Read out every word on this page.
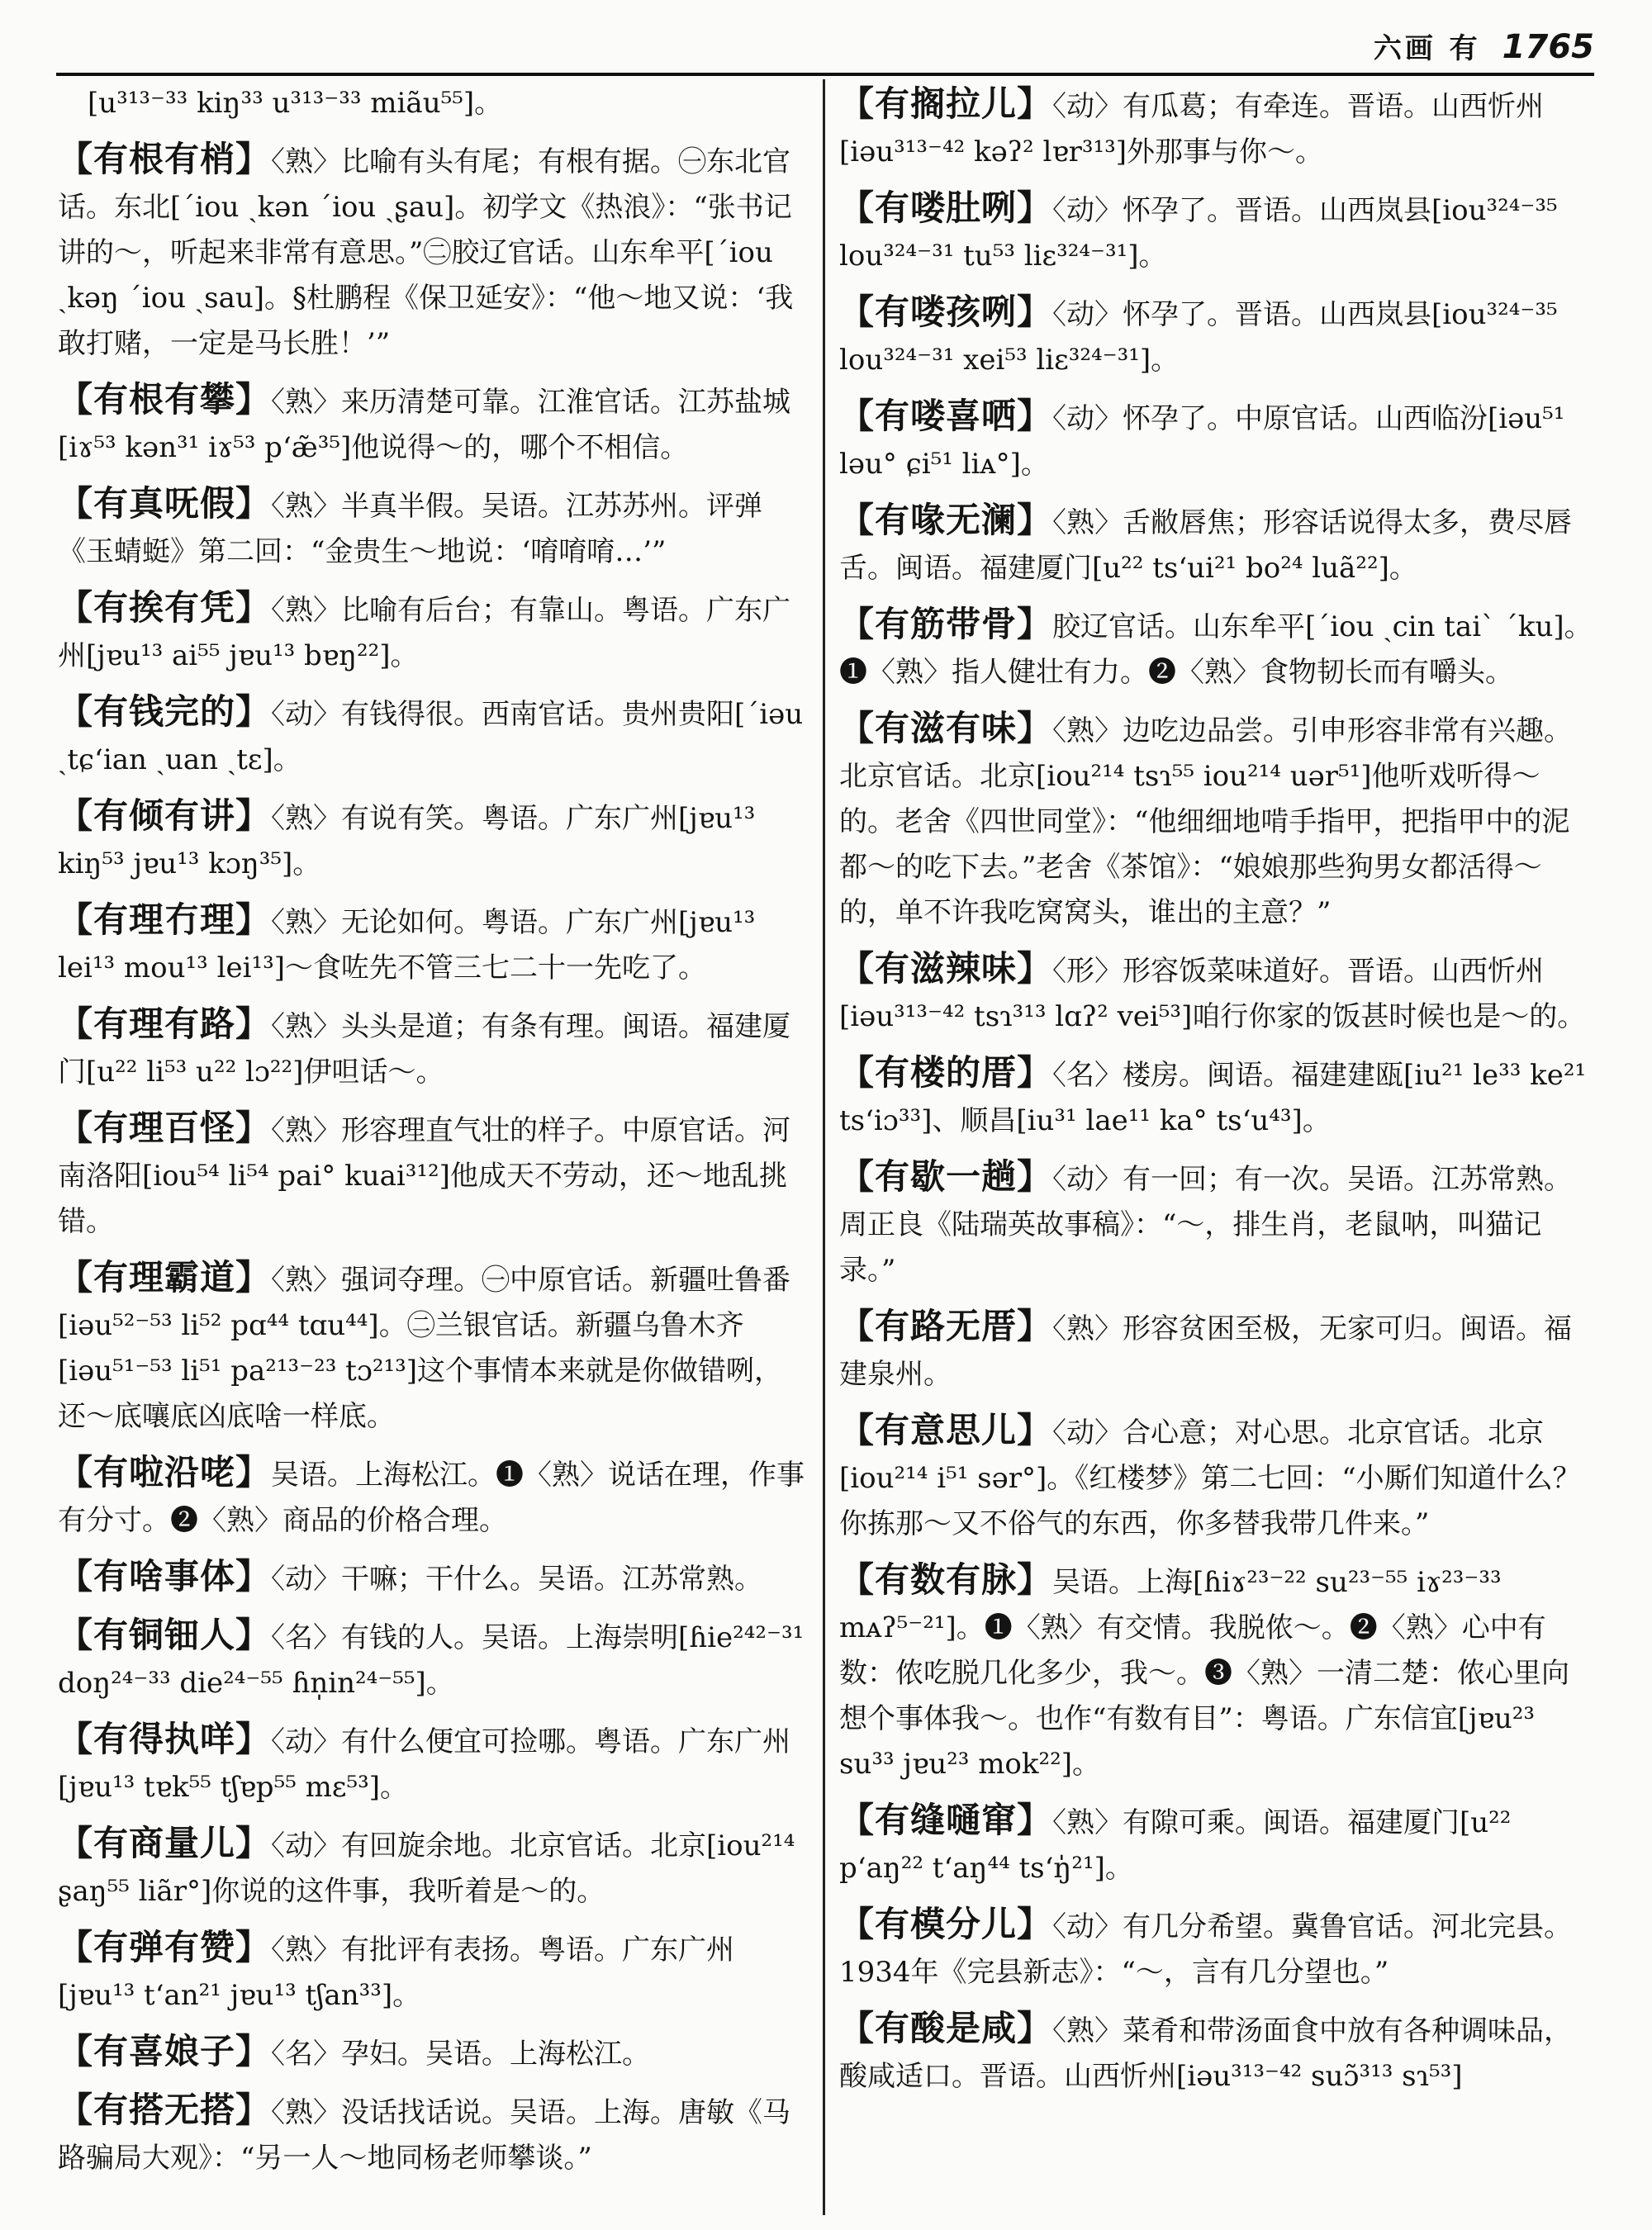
六画 有 1765
[u³¹³⁻³³ kiŋ³³ u³¹³⁻³³ miãu⁵⁵]。
【有根有梢】〈熟〉比喻有头有尾；有根有据。㊀东北官话。东北[ˊiou ˏkən ˊiou ˏʂau]。初学文《热浪》：“张书记讲的～，听起来非常有意思。”㊁胶辽官话。山东牟平[ˊiou ˏkəŋ ˊiou ˏsau]。§杜鹏程《保卫延安》：“他～地又说：‘我敢打赌，一定是马长胜！’”
【有根有攀】〈熟〉来历清楚可靠。江淮官话。江苏盐城[iɤ⁵³ kən³¹ iɤ⁵³ p‘æ̃³⁵]他说得～的，哪个不相信。
【有真呒假】〈熟〉半真半假。吴语。江苏苏州。评弹《玉蜻蜓》第二回：“金贵生～地说：‘唷唷唷…’”
【有挨有凭】〈熟〉比喻有后台；有靠山。粤语。广东广州[jɐu¹³ ai⁵⁵ jɐu¹³ bɐŋ²²]。
【有钱完的】〈动〉有钱得很。西南官话。贵州贵阳[ˊiəu ˏtɕ‘ian ˏuan ˏtɛ]。
【有倾有讲】〈熟〉有说有笑。粤语。广东广州[jɐu¹³ kiŋ⁵³ jɐu¹³ kɔŋ³⁵]。
【有理冇理】〈熟〉无论如何。粤语。广东广州[jɐu¹³ lei¹³ mou¹³ lei¹³]～食咗先不管三七二十一先吃了。
【有理有路】〈熟〉头头是道；有条有理。闽语。福建厦门[u²² li⁵³ u²² lɔ²²]伊呾话～。
【有理百怪】〈熟〉形容理直气壮的样子。中原官话。河南洛阳[iou⁵⁴ li⁵⁴ pai° kuai³¹²]他成天不劳动，还～地乱挑错。
【有理霸道】〈熟〉强词夺理。㊀中原官话。新疆吐鲁番[iəu⁵²⁻⁵³ li⁵² pɑ⁴⁴ tɑu⁴⁴]。㊁兰银官话。新疆乌鲁木齐[iəu⁵¹⁻⁵³ li⁵¹ pa²¹³⁻²³ tɔ²¹³]这个事情本来就是你做错咧，还～底嚷底凶底啥一样底。
【有啦沿咾】吴语。上海松江。❶〈熟〉说话在理，作事有分寸。❷〈熟〉商品的价格合理。
【有啥事体】〈动〉干嘛；干什么。吴语。江苏常熟。
【有铜钿人】〈名〉有钱的人。吴语。上海崇明[ɦie²⁴²⁻³¹ doŋ²⁴⁻³³ die²⁴⁻⁵⁵ ɦn̩in²⁴⁻⁵⁵]。
【有得执咩】〈动〉有什么便宜可捡哪。粤语。广东广州[jɐu¹³ tɐk⁵⁵ tʃɐp⁵⁵ mɛ⁵³]。
【有商量儿】〈动〉有回旋余地。北京官话。北京[iou²¹⁴ ʂaŋ⁵⁵ liãr°]你说的这件事，我听着是～的。
【有弹有赞】〈熟〉有批评有表扬。粤语。广东广州[jɐu¹³ t‘an²¹ jɐu¹³ tʃan³³]。
【有喜娘子】〈名〉孕妇。吴语。上海松江。
【有搭无搭】〈熟〉没话找话说。吴语。上海。唐敏《马路骗局大观》：“另一人～地同杨老师攀谈。”
【有搁拉儿】〈动〉有瓜葛；有牵连。晋语。山西忻州[iəu³¹³⁻⁴² kəʔ² lɐr³¹³]外那事与你～。
【有喽肚咧】〈动〉怀孕了。晋语。山西岚县[iou³²⁴⁻³⁵ lou³²⁴⁻³¹ tu⁵³ liɛ³²⁴⁻³¹]。
【有喽孩咧】〈动〉怀孕了。晋语。山西岚县[iou³²⁴⁻³⁵ lou³²⁴⁻³¹ xei⁵³ liɛ³²⁴⁻³¹]。
【有喽喜哂】〈动〉怀孕了。中原官话。山西临汾[iəu⁵¹ ləu° ɕi⁵¹ liᴀ°]。
【有喙无澜】〈熟〉舌敝唇焦；形容话说得太多，费尽唇舌。闽语。福建厦门[u²² ts‘ui²¹ bo²⁴ luã²²]。
【有筋带骨】胶辽官话。山东牟平[ˊiou ˏcin taiˋ ˊku]。❶〈熟〉指人健壮有力。❷〈熟〉食物韧长而有嚼头。
【有滋有味】〈熟〉边吃边品尝。引申形容非常有兴趣。北京官话。北京[iou²¹⁴ tsɿ⁵⁵ iou²¹⁴ uər⁵¹]他听戏听得～的。老舍《四世同堂》：“他细细地啃手指甲，把指甲中的泥都～的吃下去。”老舍《茶馆》：“娘娘那些狗男女都活得～的，单不许我吃窝窝头，谁出的主意？”
【有滋辣味】〈形〉形容饭菜味道好。晋语。山西忻州[iəu³¹³⁻⁴² tsɿ³¹³ lɑʔ² vei⁵³]咱行你家的饭甚时候也是～的。
【有楼的厝】〈名〉楼房。闽语。福建建瓯[iu²¹ le³³ ke²¹ ts‘iɔ³³]、顺昌[iu³¹ lae¹¹ ka° ts‘u⁴³]。
【有歇一趟】〈动〉有一回；有一次。吴语。江苏常熟。周正良《陆瑞英故事稿》：“～，排生肖，老鼠呐，叫猫记录。”
【有路无厝】〈熟〉形容贫困至极，无家可归。闽语。福建泉州。
【有意思儿】〈动〉合心意；对心思。北京官话。北京[iou²¹⁴ i⁵¹ sər°]。《红楼梦》第二七回：“小厮们知道什么？你拣那～又不俗气的东西，你多替我带几件来。”
【有数有脉】吴语。上海[ɦiɤ²³⁻²² su²³⁻⁵⁵ iɤ²³⁻³³ mᴀʔ⁵⁻²¹]。❶〈熟〉有交情。我脱侬～。❷〈熟〉心中有数：侬吃脱几化多少，我～。❸〈熟〉一清二楚：侬心里向想个事体我～。也作“有数有目”：粤语。广东信宜[jɐu²³ su³³ jɐu²³ mok²²]。
【有缝嗵窜】〈熟〉有隙可乘。闽语。福建厦门[u²² p‘aŋ²² t‘aŋ⁴⁴ ts‘ŋ̍²¹]。
【有模分儿】〈动〉有几分希望。冀鲁官话。河北完县。1934年《完县新志》：“～，言有几分望也。”
【有酸是咸】〈熟〉菜肴和带汤面食中放有各种调味品，酸咸适口。晋语。山西忻州[iəu³¹³⁻⁴² suɔ̃³¹³ sɿ⁵³]
